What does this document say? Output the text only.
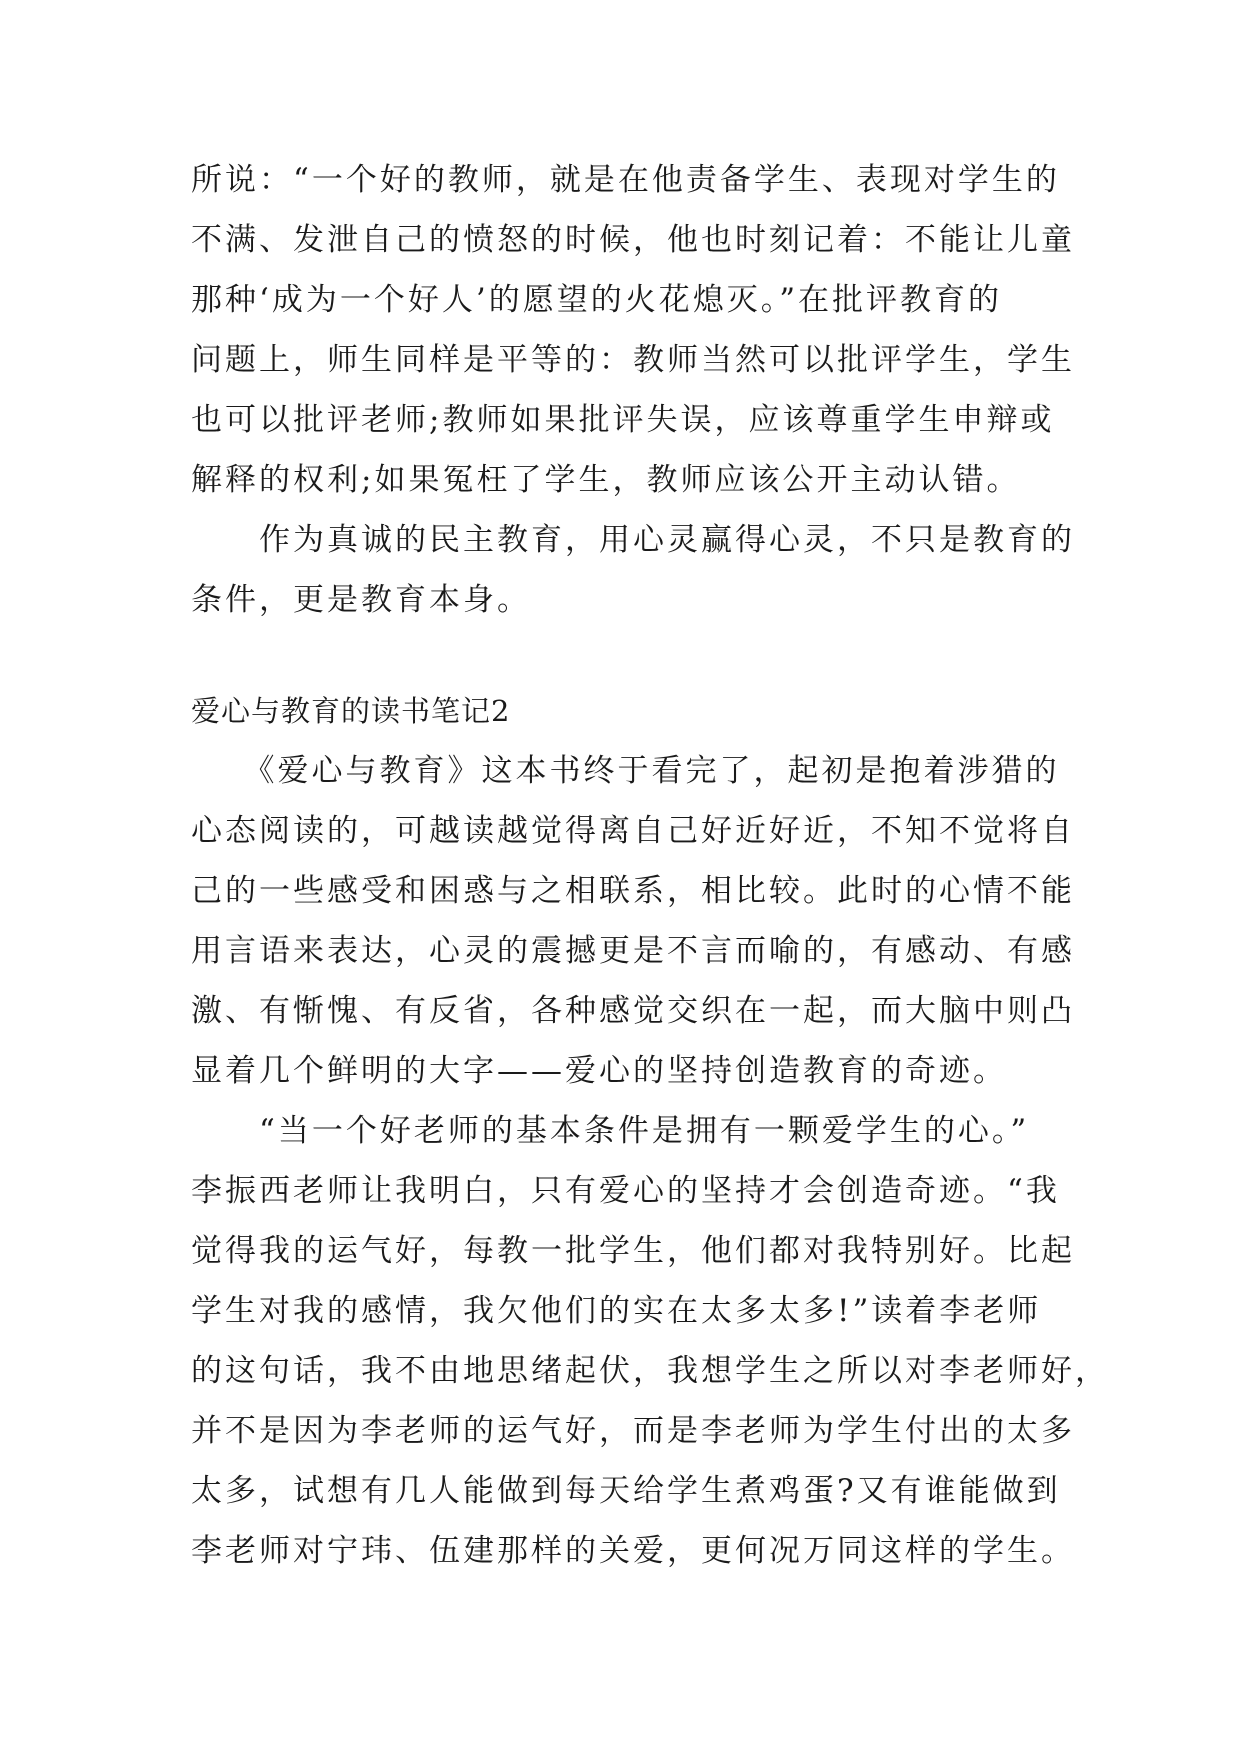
所说：“一个好的教师，就是在他责备学生、表现对学生的
不满、发泄自己的愤怒的时候，他也时刻记着：不能让儿童
那种‘成为一个好人’的愿望的火花熄灭。”在批评教育的
问题上，师生同样是平等的：教师当然可以批评学生，学生
也可以批评老师;教师如果批评失误，应该尊重学生申辩或
解释的权利;如果冤枉了学生，教师应该公开主动认错。
　　作为真诚的民主教育，用心灵赢得心灵，不只是教育的
条件，更是教育本身。
爱心与教育的读书笔记2
　　《爱心与教育》这本书终于看完了，起初是抱着涉猎的
心态阅读的，可越读越觉得离自己好近好近，不知不觉将自
己的一些感受和困惑与之相联系，相比较。此时的心情不能
用言语来表达，心灵的震撼更是不言而喻的，有感动、有感
激、有惭愧、有反省，各种感觉交织在一起，而大脑中则凸
显着几个鲜明的大字——爱心的坚持创造教育的奇迹。
　　“当一个好老师的基本条件是拥有一颗爱学生的心。”
李振西老师让我明白，只有爱心的坚持才会创造奇迹。“我
觉得我的运气好，每教一批学生，他们都对我特别好。比起
学生对我的感情，我欠他们的实在太多太多!”读着李老师
的这句话，我不由地思绪起伏，我想学生之所以对李老师好，
并不是因为李老师的运气好，而是李老师为学生付出的太多
太多，试想有几人能做到每天给学生煮鸡蛋?又有谁能做到
李老师对宁玮、伍建那样的关爱，更何况万同这样的学生。
